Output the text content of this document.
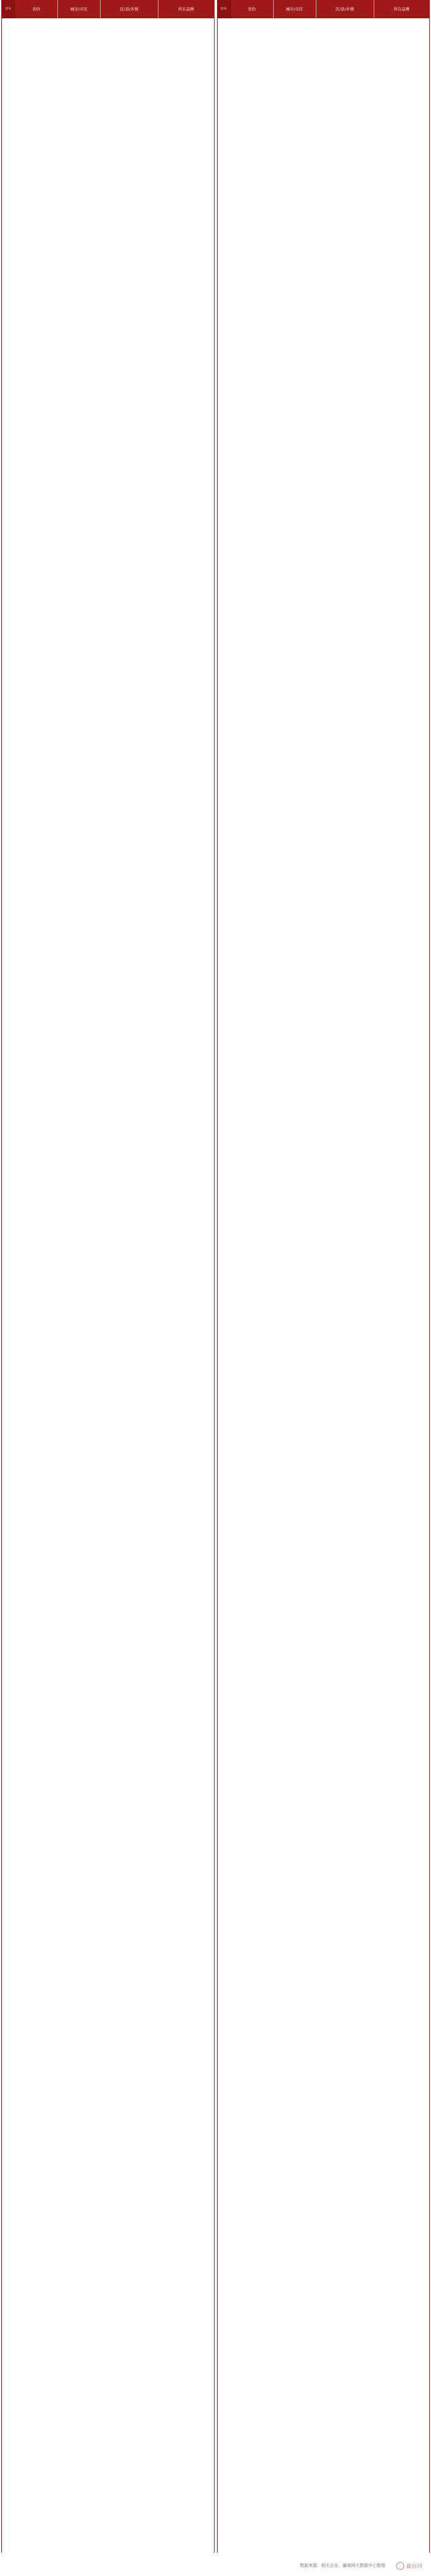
序号	省份	城市/市区	区/县/乡镇	所在品牌	序号	省份	城市/市区	区/县/乡镇	所在品牌
数据来源：相关企业，赢商网大数据中心整理	赢商网
